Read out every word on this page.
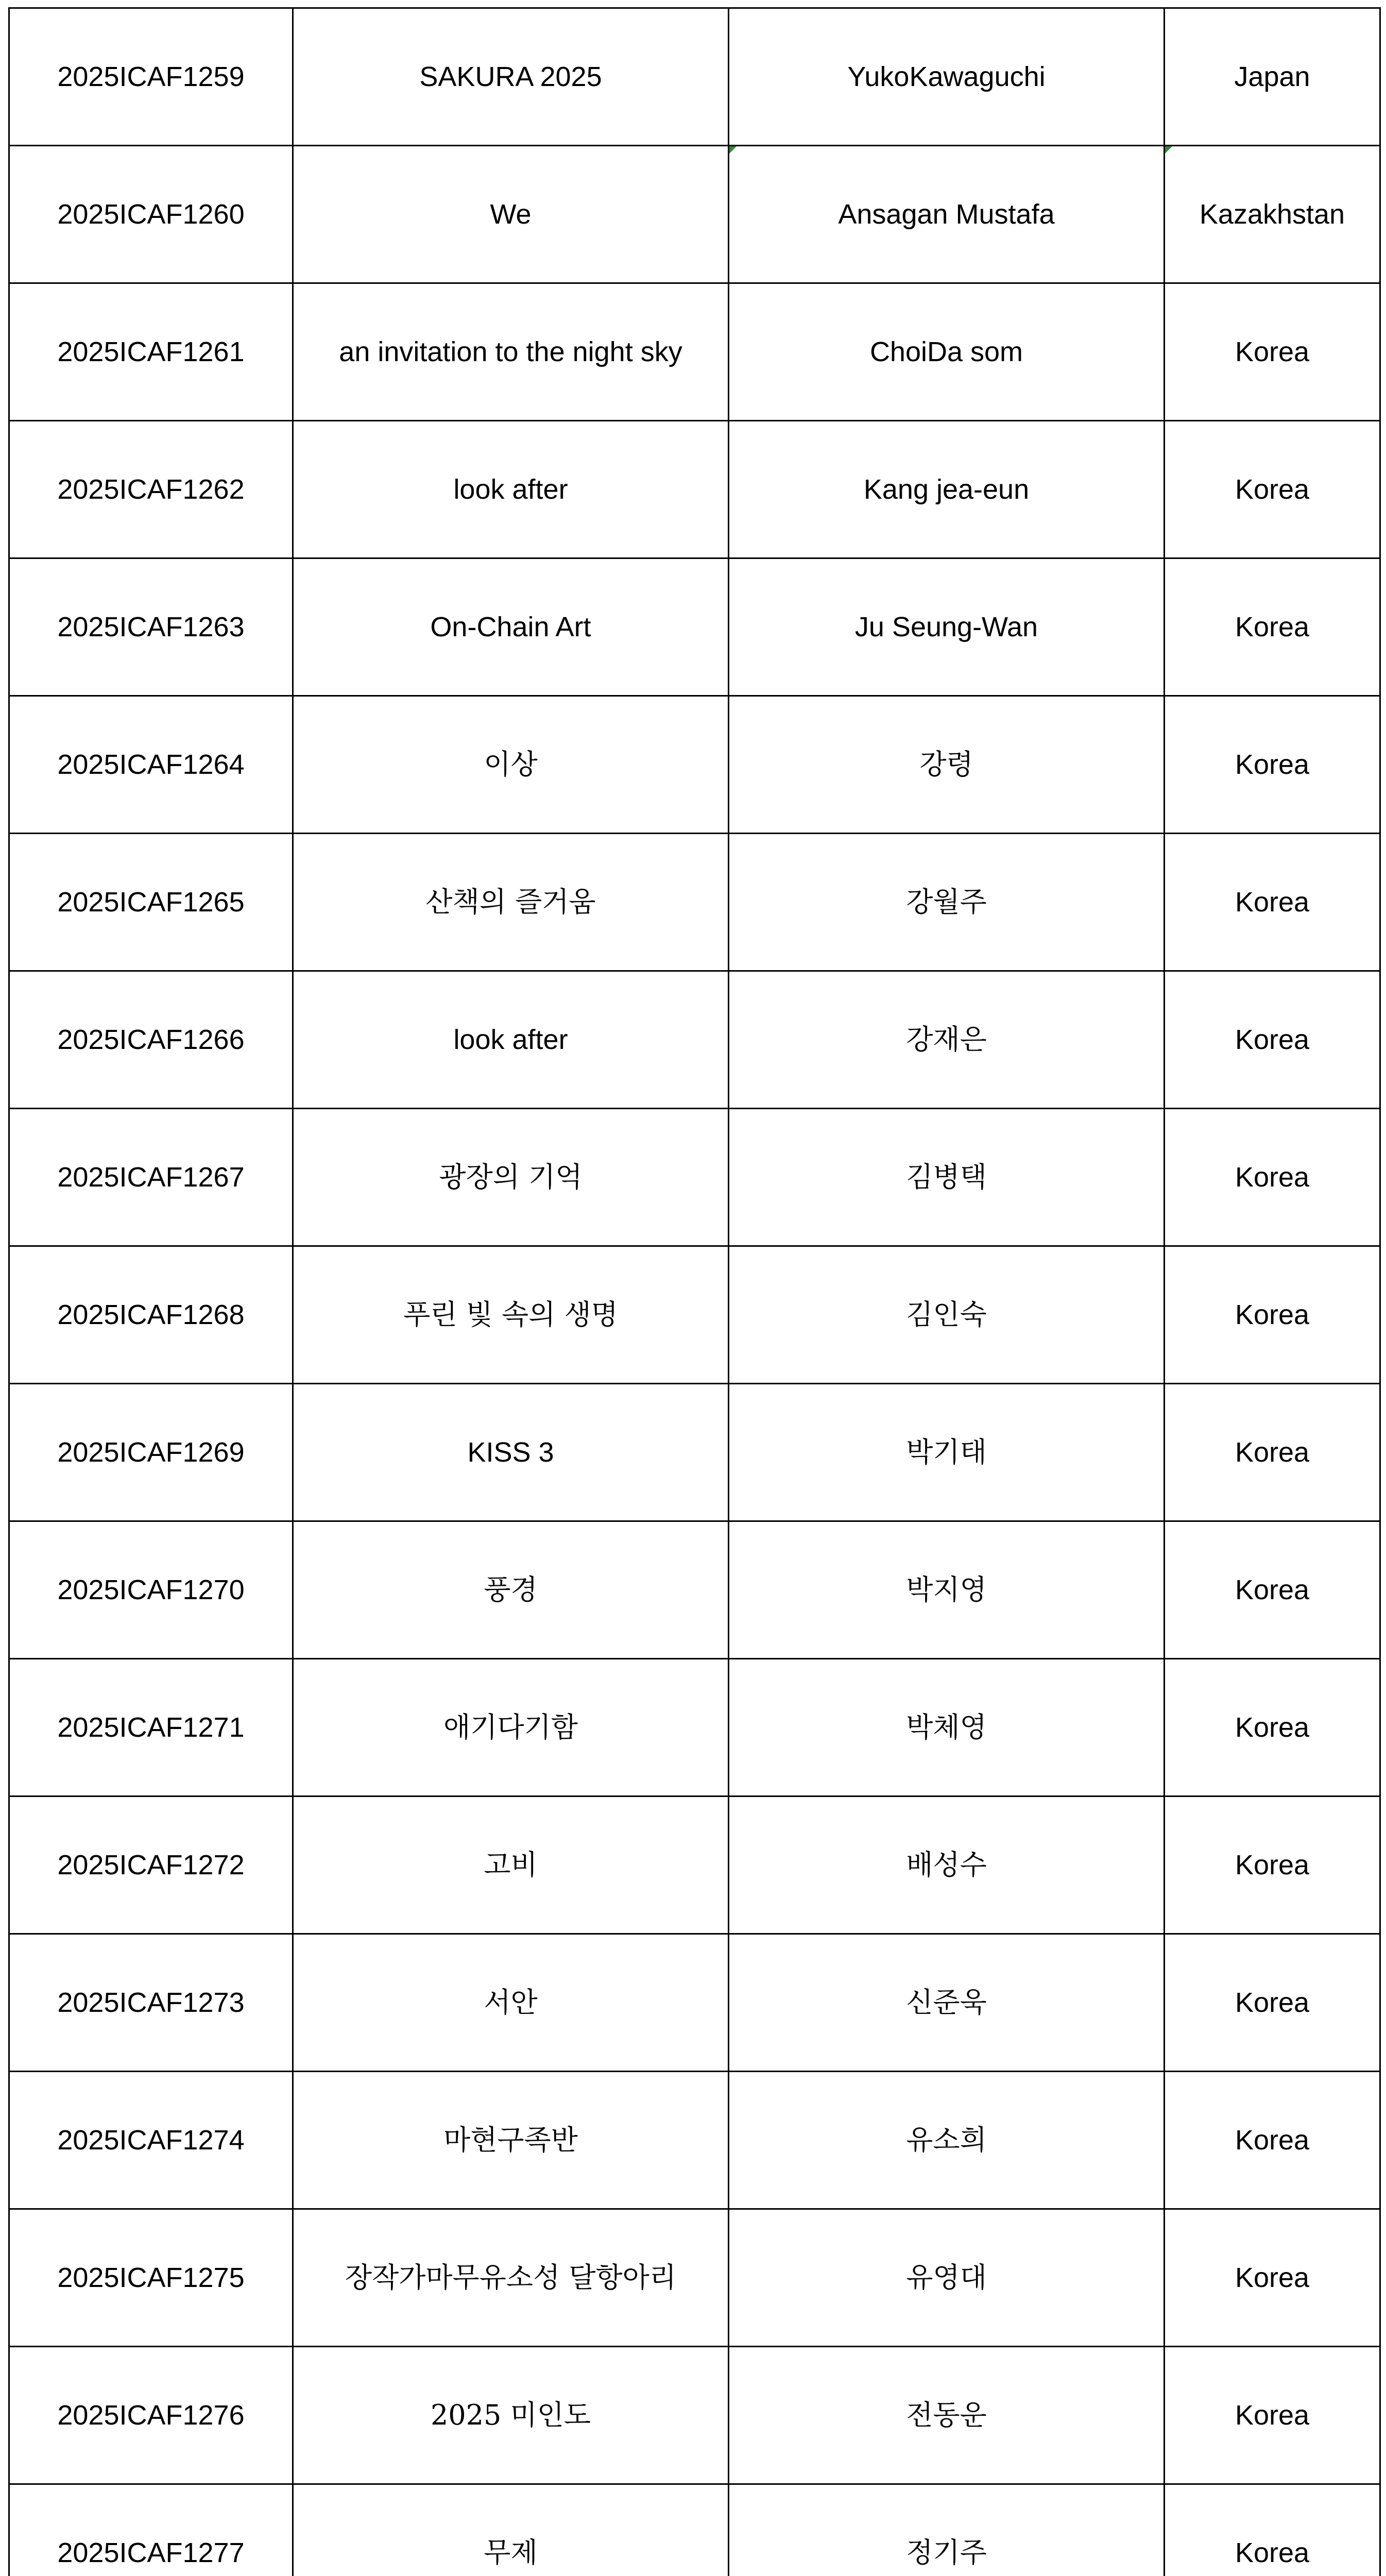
2025ICAF1259	SAKURA 2025	YukoKawaguchi	Japan
2025ICAF1260	We	Ansagan Mustafa	Kazakhstan
2025ICAF1261	an invitation to the night sky	ChoiDa som	Korea
2025ICAF1262	look after	Kang jea-eun	Korea
2025ICAF1263	On-Chain Art	Ju Seung-Wan	Korea
2025ICAF1264	이상	강령	Korea
2025ICAF1265	산책의 즐거움	강월주	Korea
2025ICAF1266	look after	강재은	Korea
2025ICAF1267	광장의 기억	김병택	Korea
2025ICAF1268	푸린 빛 속의 생명	김인숙	Korea
2025ICAF1269	KISS 3	박기태	Korea
2025ICAF1270	풍경	박지영	Korea
2025ICAF1271	애기다기함	박체영	Korea
2025ICAF1272	고비	배성수	Korea
2025ICAF1273	서안	신준욱	Korea
2025ICAF1274	마현구족반	유소희	Korea
2025ICAF1275	장작가마무유소성 달항아리	유영대	Korea
2025ICAF1276	2025 미인도	전동운	Korea
2025ICAF1277	무제	정기주	Korea
